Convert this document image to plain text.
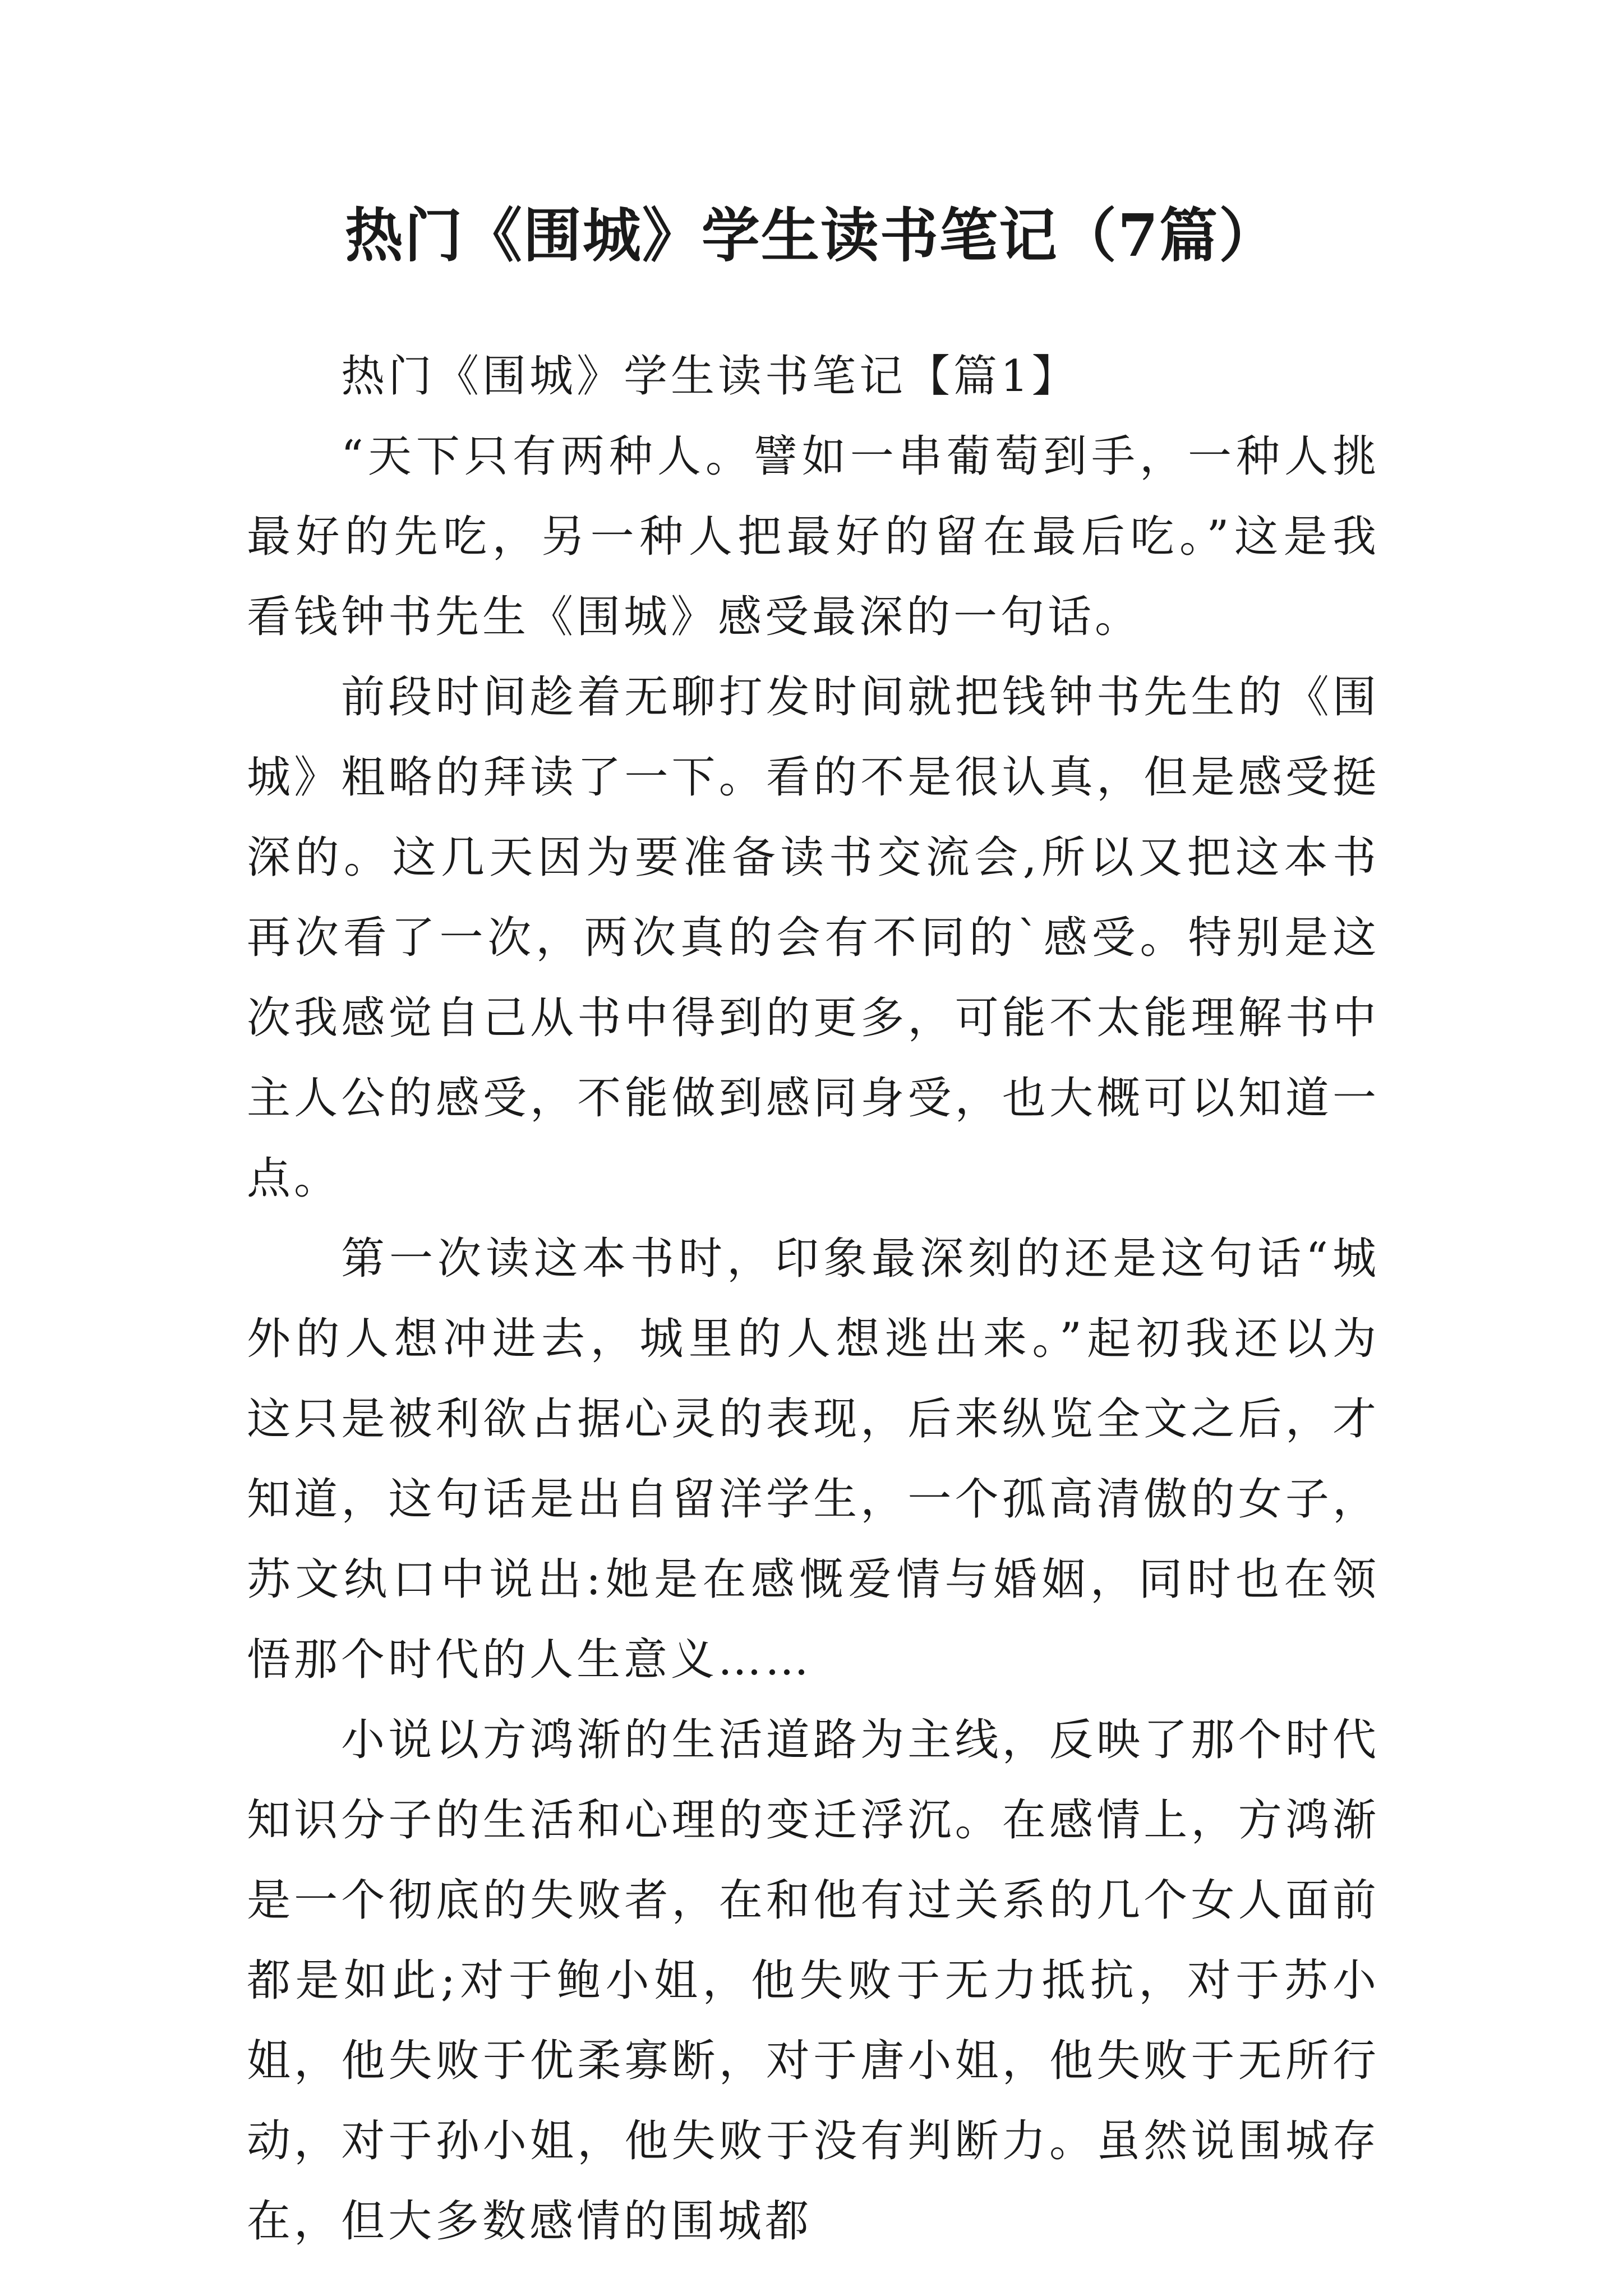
热门《围城》学生读书笔记（7篇）

热门《围城》学生读书笔记【篇1】

“天下只有两种人。譬如一串葡萄到手，一种人挑最好的先吃，另一种人把最好的留在最后吃。”这是我看钱钟书先生《围城》感受最深的一句话。

前段时间趁着无聊打发时间就把钱钟书先生的《围城》粗略的拜读了一下。看的不是很认真，但是感受挺深的。这几天因为要准备读书交流会,所以又把这本书再次看了一次，两次真的会有不同的`感受。特别是这次我感觉自己从书中得到的更多，可能不太能理解书中主人公的感受，不能做到感同身受，也大概可以知道一点。

第一次读这本书时，印象最深刻的还是这句话“城外的人想冲进去，城里的人想逃出来。”起初我还以为这只是被利欲占据心灵的表现，后来纵览全文之后，才知道，这句话是出自留洋学生，一个孤高清傲的女子，苏文纨口中说出:她是在感慨爱情与婚姻，同时也在领悟那个时代的人生意义……

小说以方鸿渐的生活道路为主线，反映了那个时代知识分子的生活和心理的变迁浮沉。在感情上，方鸿渐是一个彻底的失败者，在和他有过关系的几个女人面前都是如此;对于鲍小姐，他失败于无力抵抗，对于苏小姐，他失败于优柔寡断，对于唐小姐，他失败于无所行动，对于孙小姐，他失败于没有判断力。虽然说围城存在，但大多数感情的围城都
